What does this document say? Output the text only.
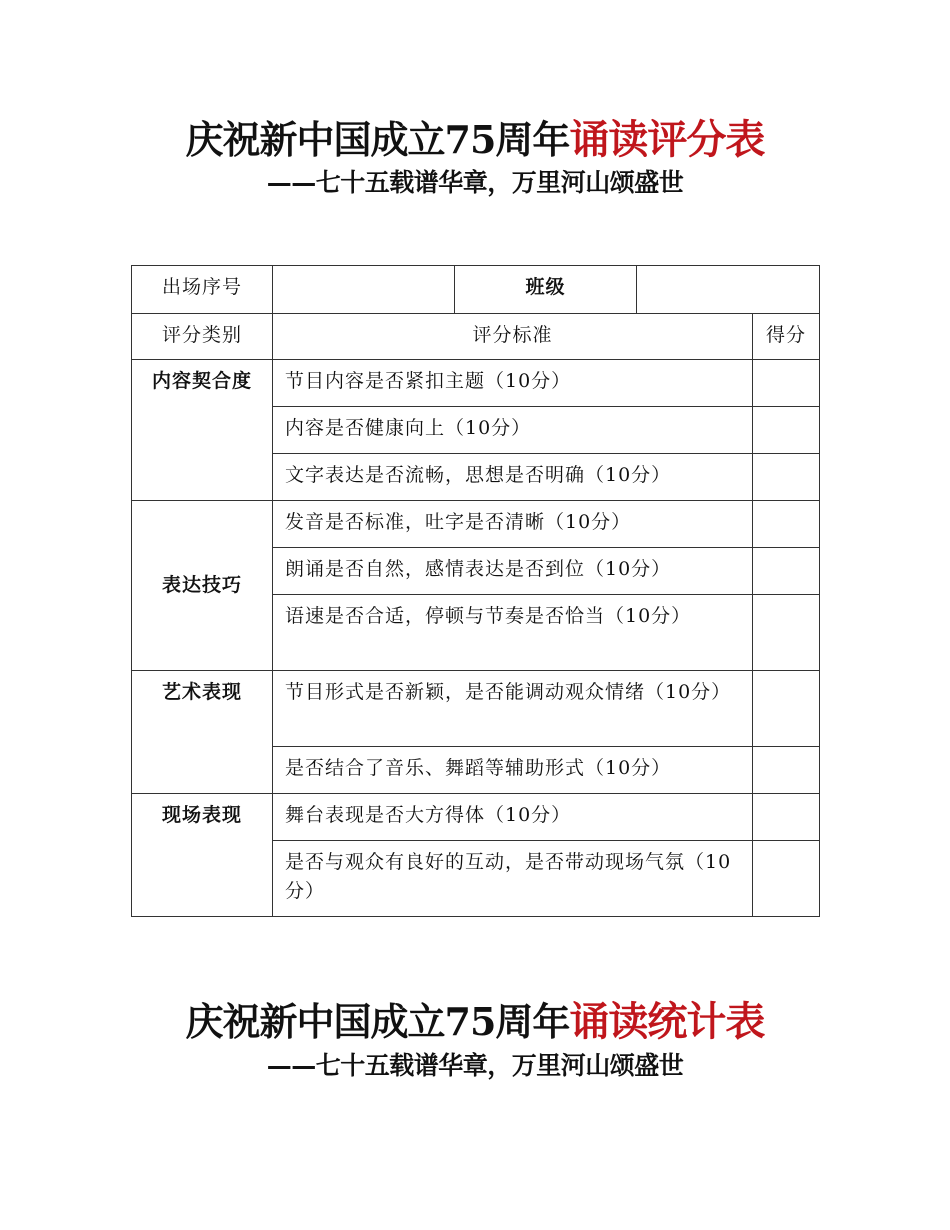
庆祝新中国成立75周年诵读评分表
——七十五载谱华章，万里河山颂盛世
出场序号		班级		
评分类别	评分标准			得分
内容契合度	节目内容是否紧扣主题（10分）			
	内容是否健康向上（10分）			
	文字表达是否流畅，思想是否明确（10分）			
表达技巧	发音是否标准，吐字是否清晰（10分）			
	朗诵是否自然，感情表达是否到位（10分）			
	语速是否合适，停顿与节奏是否恰当（10分）			
艺术表现	节目形式是否新颖，是否能调动观众情绪（10分）			
	是否结合了音乐、舞蹈等辅助形式（10分）			
现场表现	舞台表现是否大方得体（10分）			
	是否与观众有良好的互动，是否带动现场气氛（10分）			
庆祝新中国成立75周年诵读统计表
——七十五载谱华章，万里河山颂盛世
